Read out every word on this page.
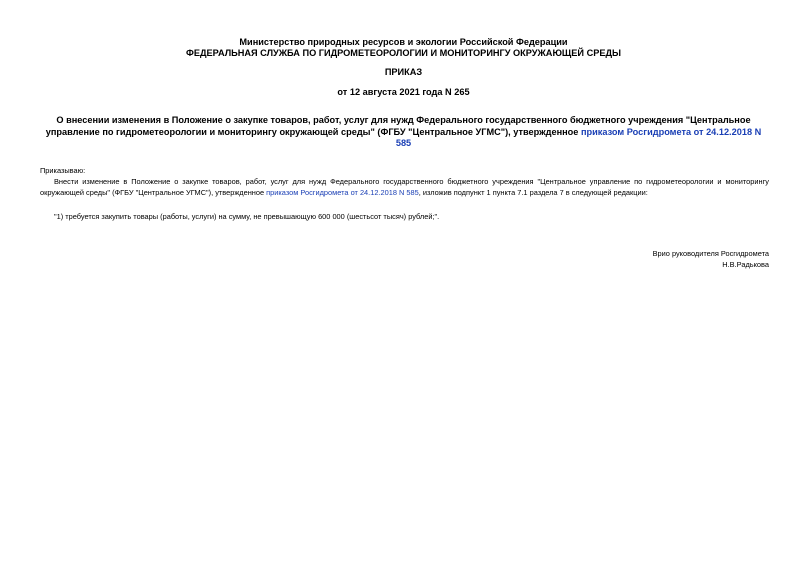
Министерство природных ресурсов и экологии Российской Федерации
ФЕДЕРАЛЬНАЯ СЛУЖБА ПО ГИДРОМЕТЕОРОЛОГИИ И МОНИТОРИНГУ ОКРУЖАЮЩЕЙ СРЕДЫ
ПРИКАЗ
от 12 августа 2021 года N 265
О внесении изменения в Положение о закупке товаров, работ, услуг для нужд Федерального государственного бюджетного учреждения "Центральное управление по гидрометеорологии и мониторингу окружающей среды" (ФГБУ "Центральное УГМС"), утвержденное приказом Росгидромета от 24.12.2018 N 585
Приказываю:
Внести изменение в Положение о закупке товаров, работ, услуг для нужд Федерального государственного бюджетного учреждения "Центральное управление по гидрометеорологии и мониторингу окружающей среды" (ФГБУ "Центральное УГМС"), утвержденное приказом Росгидромета от 24.12.2018 N 585, изложив подпункт 1 пункта 7.1 раздела 7 в следующей редакции:
"1) требуется закупить товары (работы, услуги) на сумму, не превышающую 600 000 (шестьсот тысяч) рублей;".
Врио руководителя Росгидромета
Н.В.Радькова
